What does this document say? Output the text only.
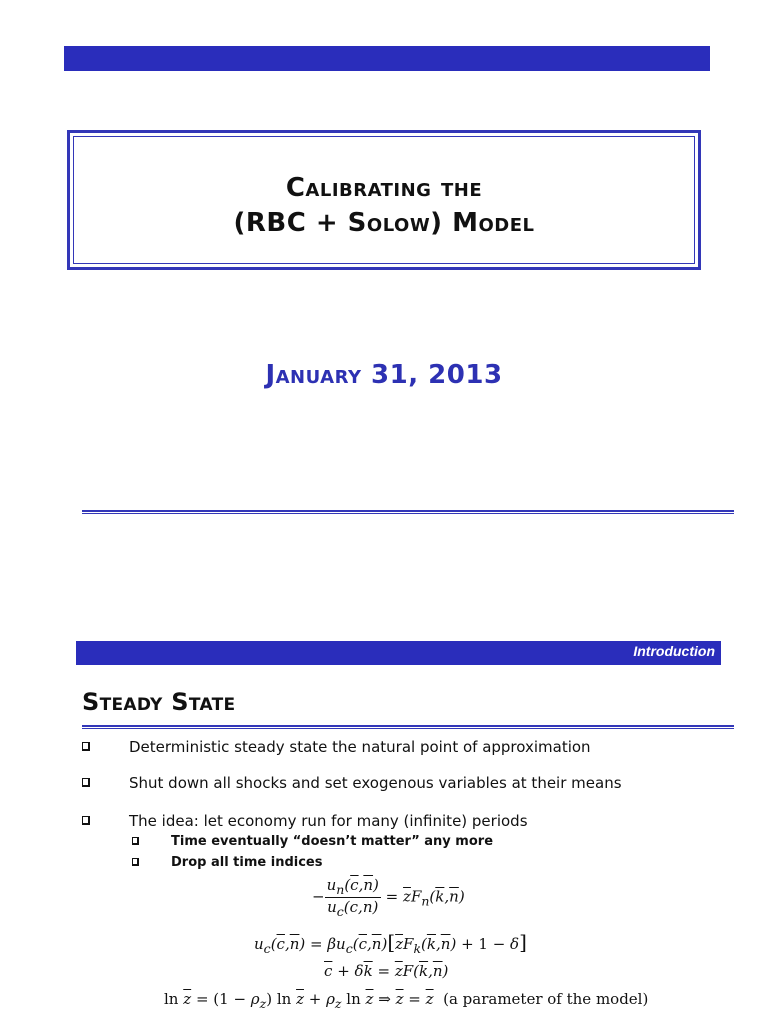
Calibrating the
(RBC + Solow) Model
January 31, 2013
Introduction
Steady State
Deterministic steady state the natural point of approximation
Shut down all shocks and set exogenous variables at their means
The idea: let economy run for many (infinite) periods
Time eventually “doesn’t matter” any more
Drop all time indices
− $\frac{u_n(\overline{c},\overline{n})}{u_c(\overline{c},\overline{n})} = \overline{z}F_n(\overline{k},\overline{n})$
$u_c(\overline{c},\overline{n}) = \beta u_c(\overline{c},\overline{n})[\overline{z}F_k(\overline{k},\overline{n}) + 1 - \delta]$
$\overline{c} + \delta\overline{k} = \overline{z}F(\overline{k},\overline{n})$
$\ln \overline{z} = (1 - \rho_z)$ $\ln \overline{z} + \rho_z$ $\ln \overline{z}$ ⇒ $\overline{z} = \overline{z}$ (a parameter of the model)
